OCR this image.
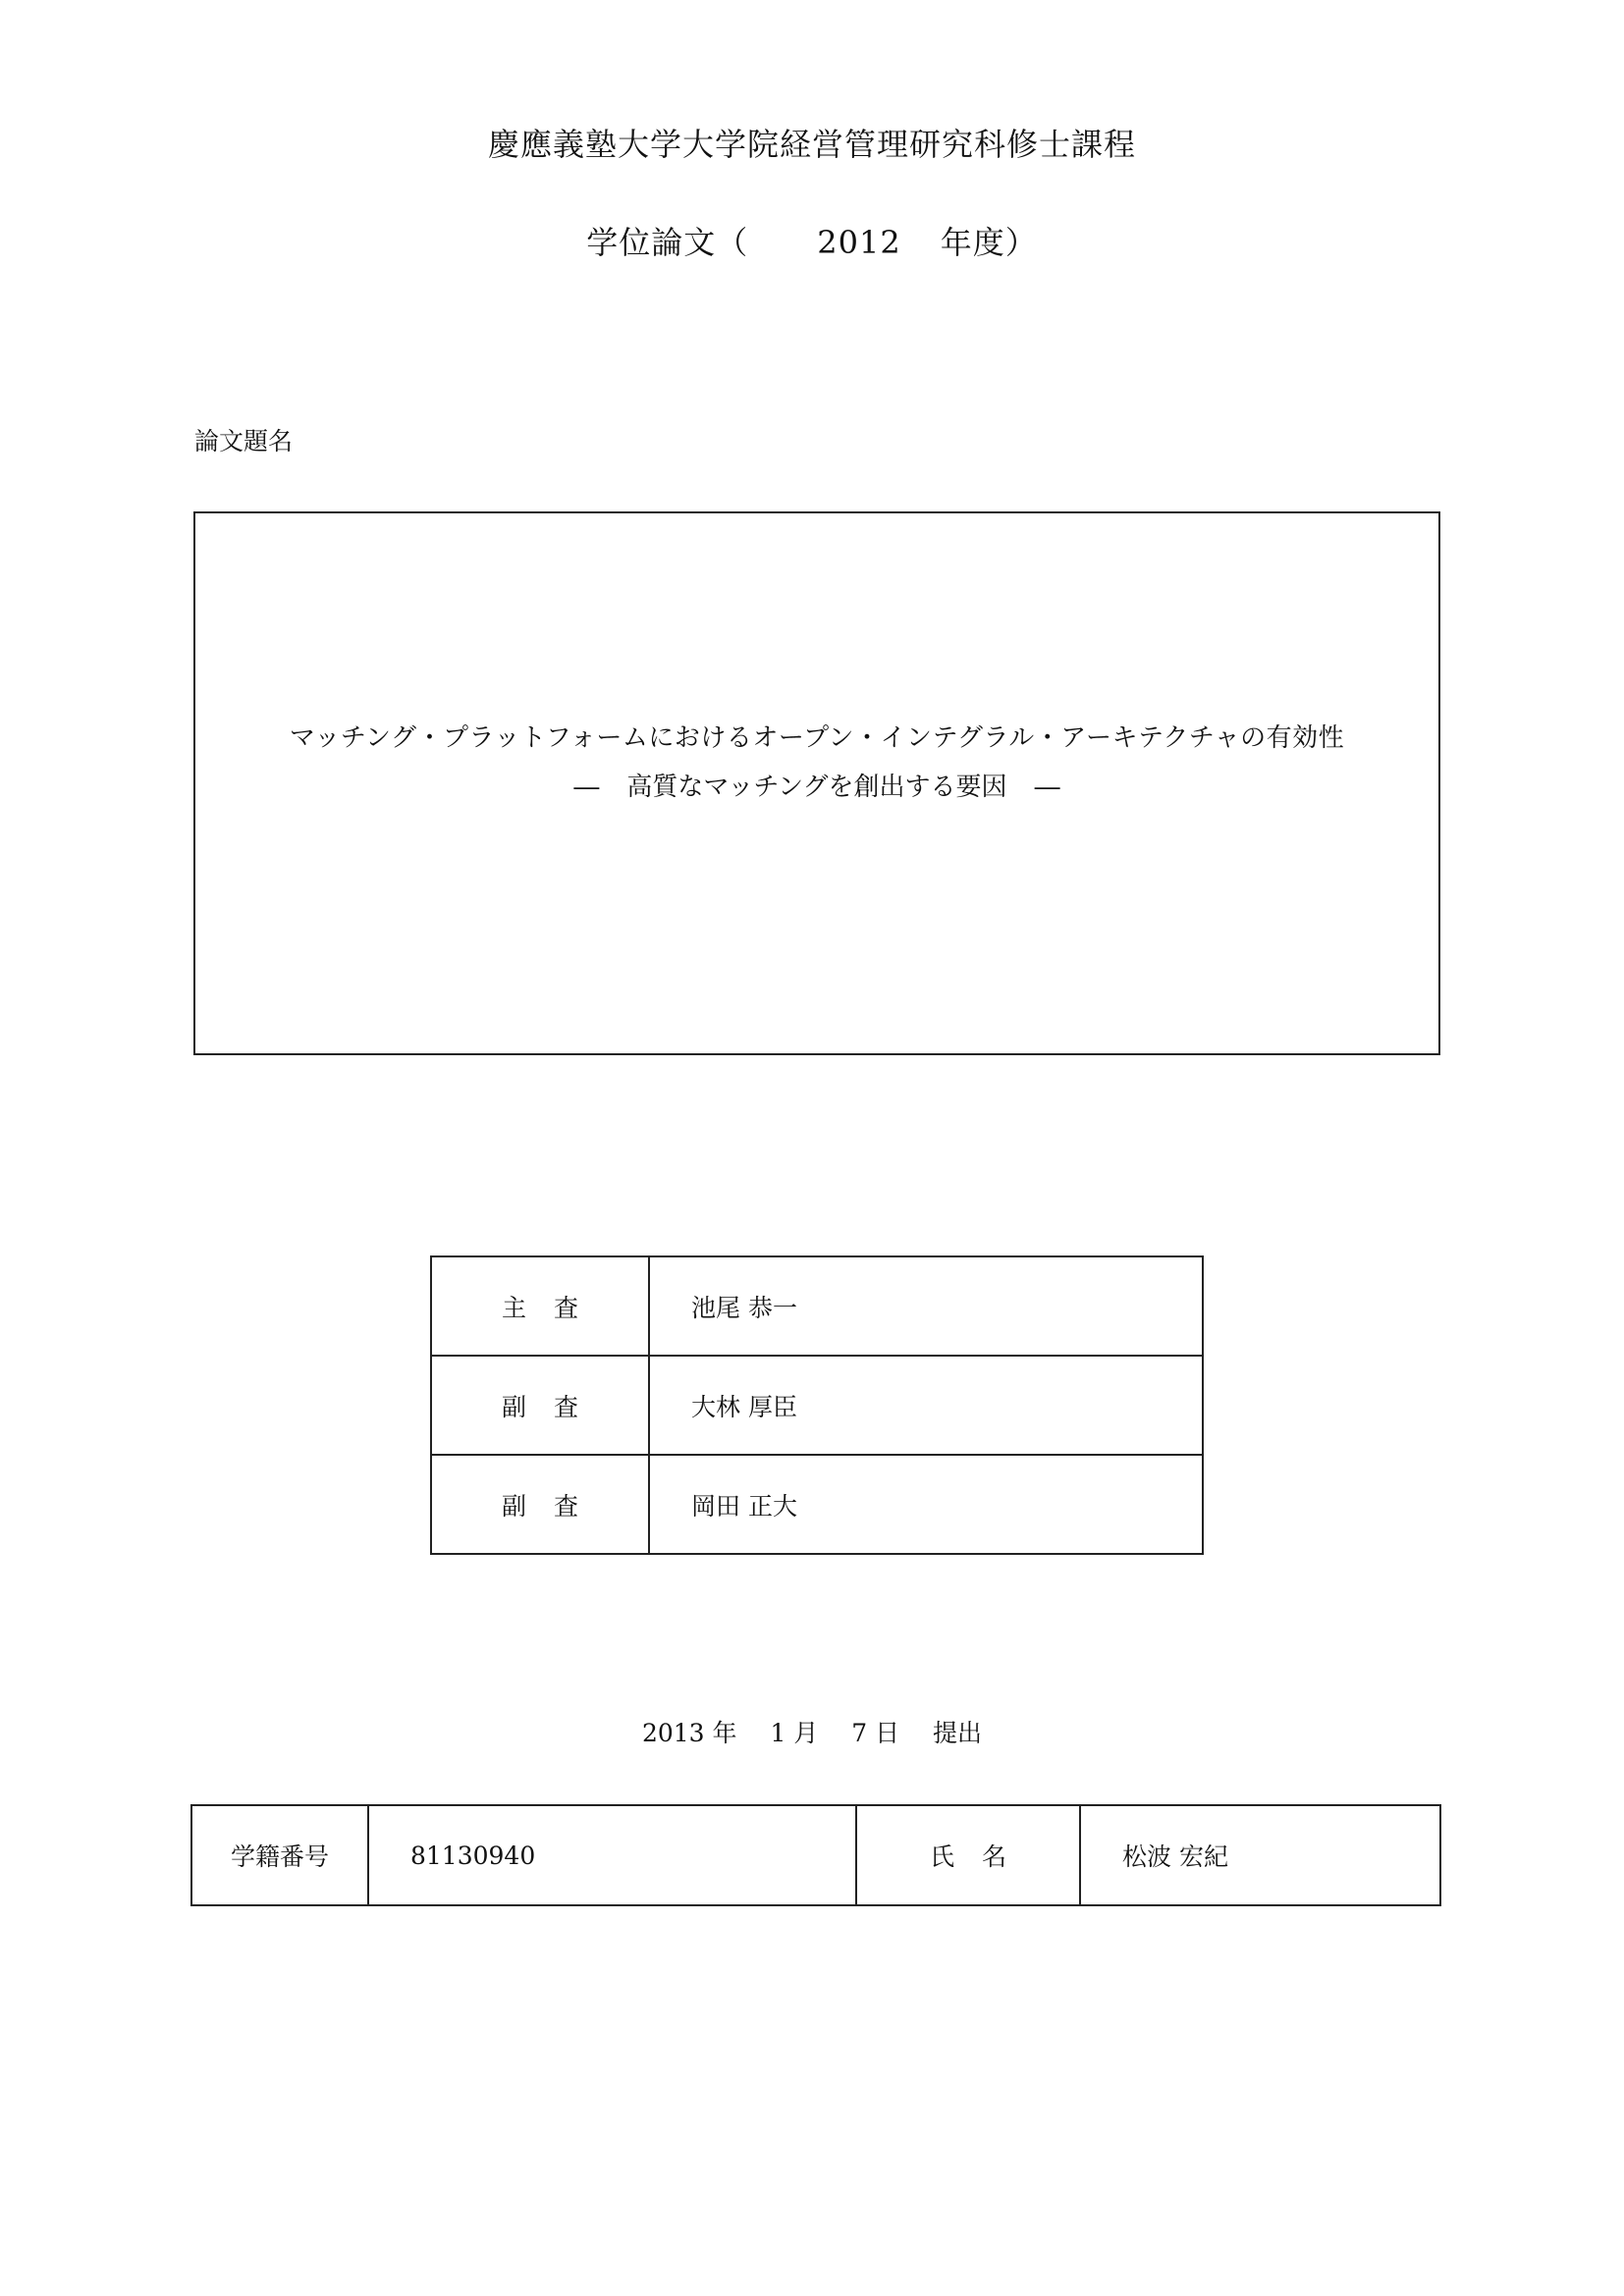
慶應義塾大学大学院経営管理研究科修士課程
学位論文（ 2012 年度）
論文題名
マッチング・プラットフォームにおけるオープン・インテグラル・アーキテクチャの有効性
― 高質なマッチングを創出する要因 ―
主査	池尾 恭一
副査	大林 厚臣
副査	岡田 正大
2013 年 1 月 7 日 提出
学籍番号	81130940	氏名	松波 宏紀
